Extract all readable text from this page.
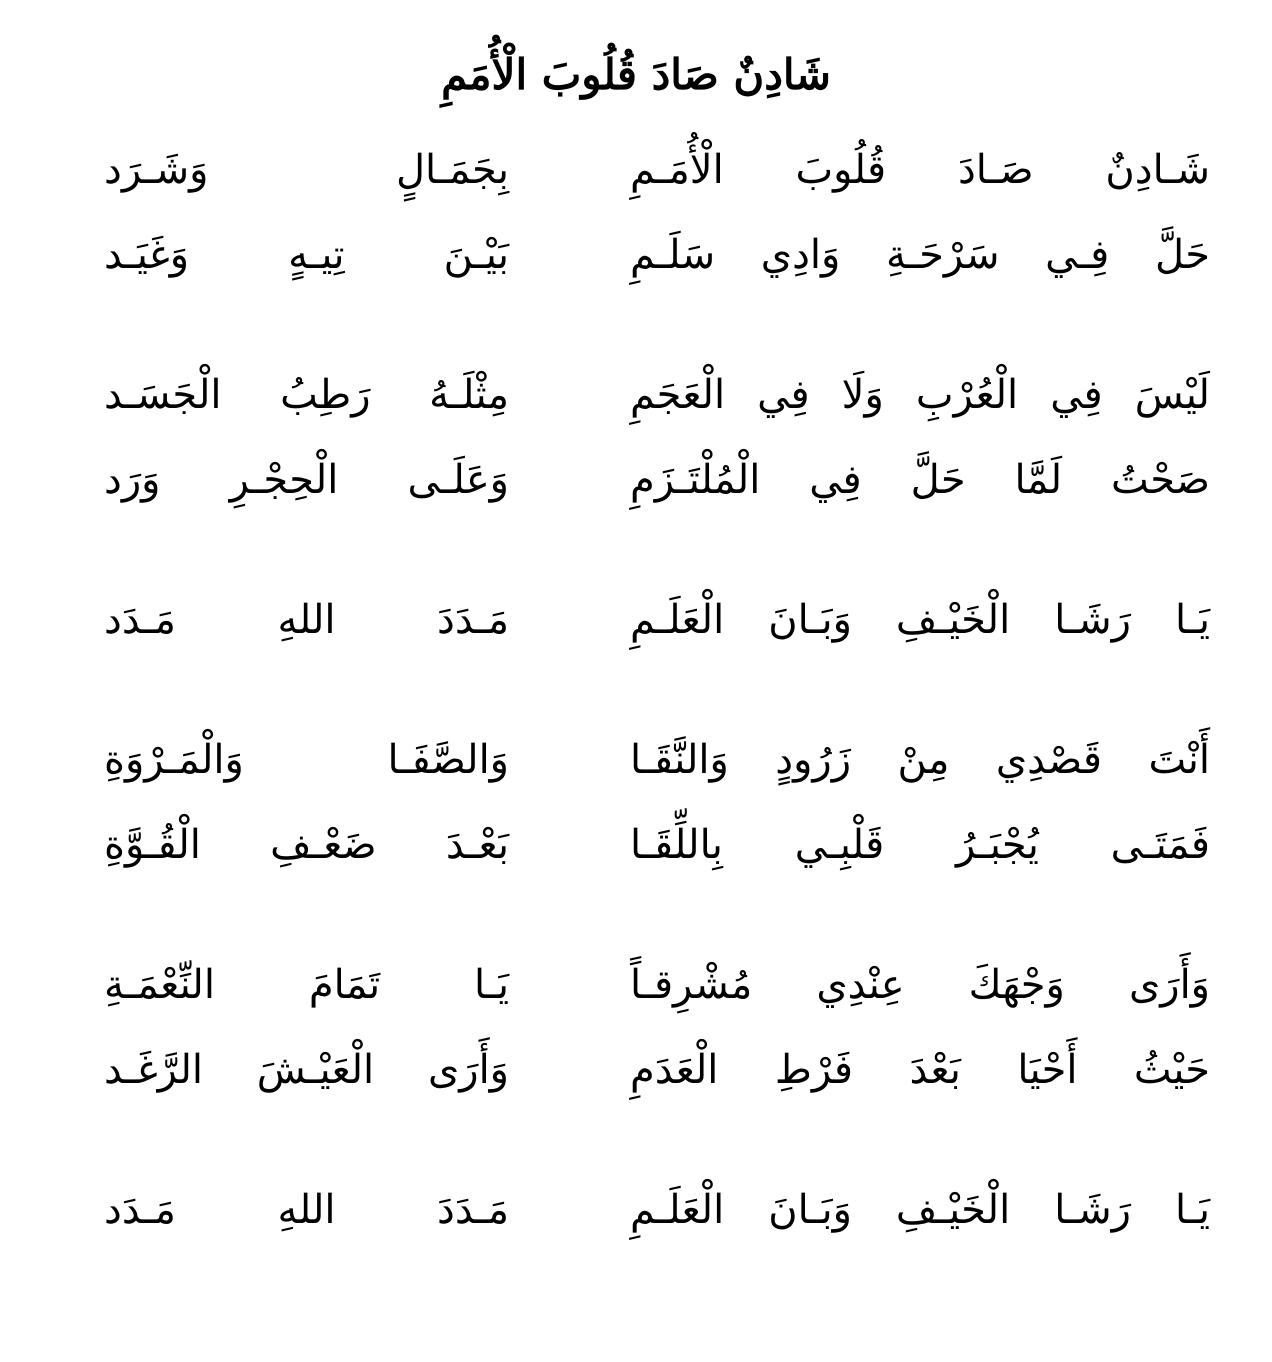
شَادِنٌ صَادَ قُلُوبَ الْأُمَمِ
شَـادِنٌ
صَـادَ
قُلُوبَ
الْأُمَـمِ
بِجَمَـالٍ
وَشَـرَد
حَلَّ
فِـي
سَرْحَـةِ
وَادِي
سَلَـمِ
بَيْـنَ
تِيـهٍ
وَغَيَـد
لَيْسَ
فِي
الْعُرْبِ
وَلَا
فِي
الْعَجَمِ
مِثْلَـهُ
رَطِبُ
الْجَسَـد
صَحْتُ
لَمَّا
حَلَّ
فِي
الْمُلْتَـزَمِ
وَعَلَـى
الْحِجْـرِ
وَرَد
يَـا
رَشَـا
الْخَيْـفِ
وَبَـانَ
الْعَلَـمِ
مَـدَدَ
اللهِ
مَـدَد
أَنْتَ
قَصْدِي
مِنْ
زَرُودٍ
وَالنَّقَـا
وَالصَّفَـا
وَالْمَـرْوَةِ
فَمَتَـى
يُجْبَـرُ
قَلْبِـي
بِاللِّقَـا
بَعْـدَ
ضَعْـفِ
الْقُـوَّةِ
وَأَرَى
وَجْهَكَ
عِنْدِي
مُشْرِقـاً
يَـا
تَمَامَ
النِّعْمَـةِ
حَيْثُ
أَحْيَا
بَعْدَ
فَرْطِ
الْعَدَمِ
وَأَرَى
الْعَيْـشَ
الرَّغَـد
يَـا
رَشَـا
الْخَيْـفِ
وَبَـانَ
الْعَلَـمِ
مَـدَدَ
اللهِ
مَـدَد
